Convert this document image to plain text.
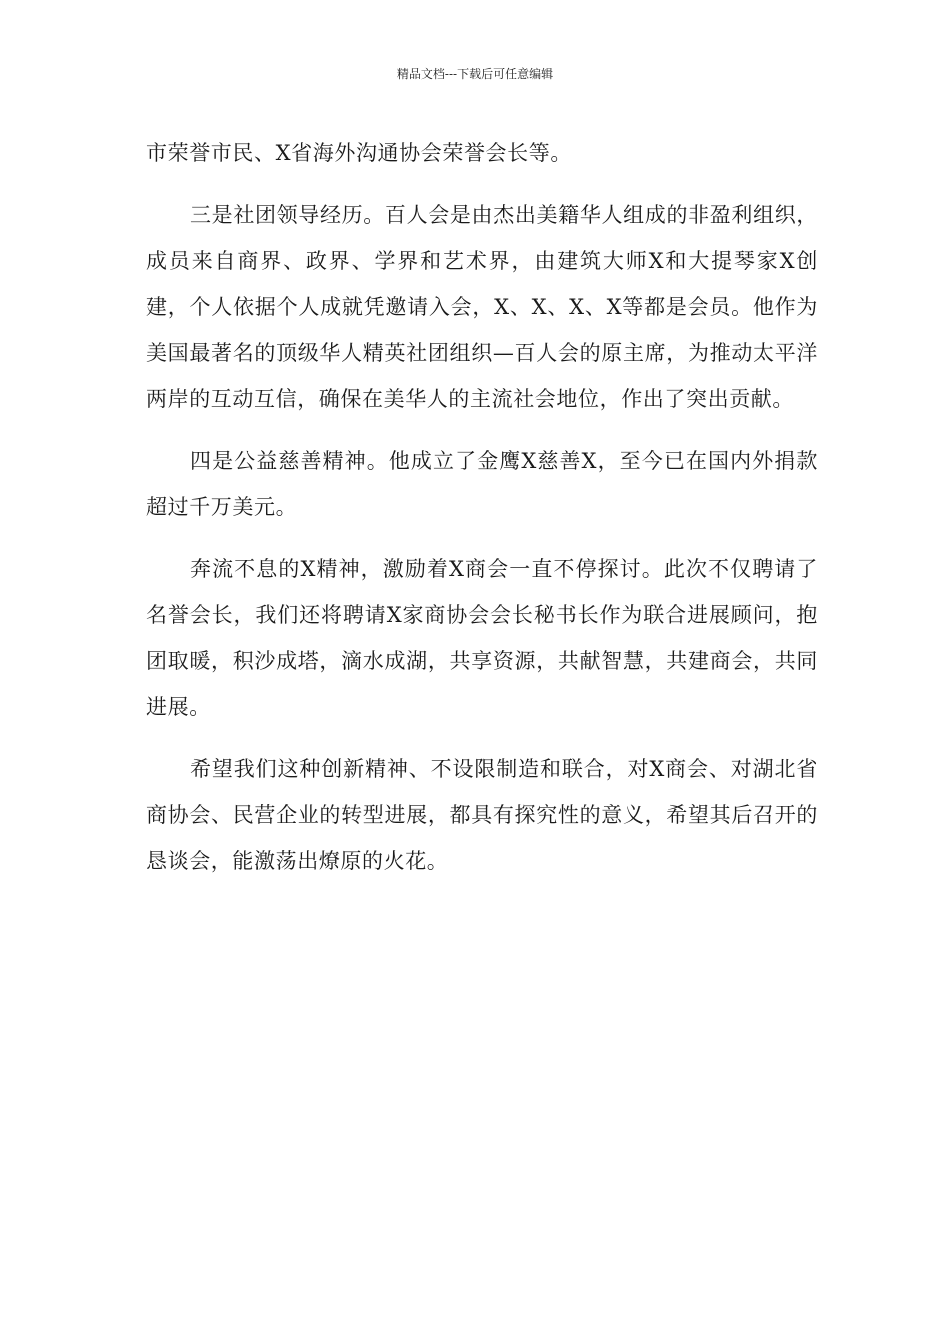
精品文档---下载后可任意编辑

市荣誉市民、X省海外沟通协会荣誉会长等。

三是社团领导经历。百人会是由杰出美籍华人组成的非盈利组织，成员来自商界、政界、学界和艺术界，由建筑大师X和大提琴家X创建，个人依据个人成就凭邀请入会，X、X、X、X等都是会员。他作为美国最著名的顶级华人精英社团组织—百人会的原主席，为推动太平洋两岸的互动互信，确保在美华人的主流社会地位，作出了突出贡献。

四是公益慈善精神。他成立了金鹰X慈善X，至今已在国内外捐款超过千万美元。

奔流不息的X精神，激励着X商会一直不停探讨。此次不仅聘请了名誉会长，我们还将聘请X家商协会会长秘书长作为联合进展顾问，抱团取暖，积沙成塔，滴水成湖，共享资源，共献智慧，共建商会，共同进展。

希望我们这种创新精神、不设限制造和联合，对X商会、对湖北省商协会、民营企业的转型进展，都具有探究性的意义，希望其后召开的恳谈会，能激荡出燎原的火花。
